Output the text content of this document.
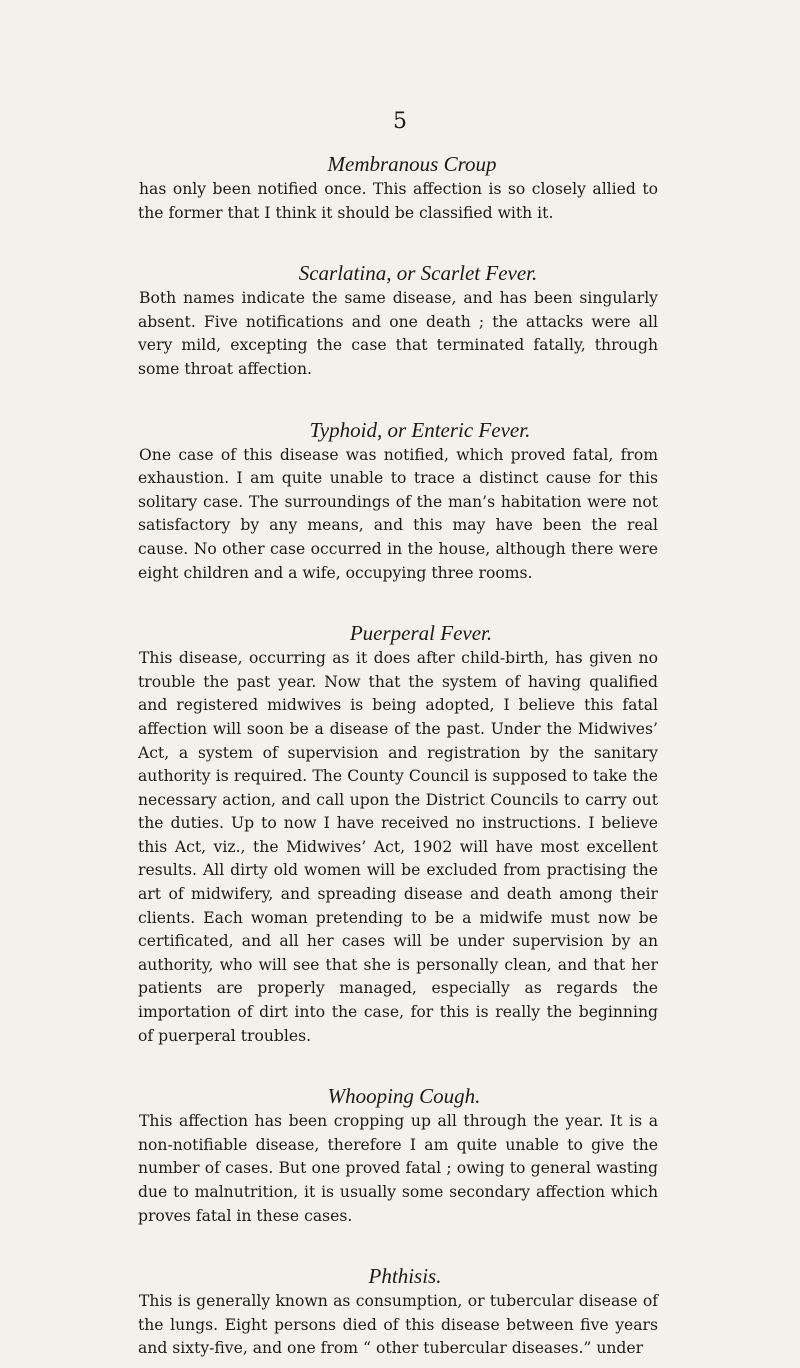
5

Membranous Croup

has only been notified once. This affection is so closely allied to the former that I think it should be classified with it.

Scarlatina, or Scarlet Fever.

Both names indicate the same disease, and has been singularly absent. Five notifications and one death ; the attacks were all very mild, excepting the case that terminated fatally, through some throat affection.

Typhoid, or Enteric Fever.

One case of this disease was notified, which proved fatal, from exhaustion. I am quite unable to trace a distinct cause for this solitary case. The surroundings of the man’s habitation were not satisfactory by any means, and this may have been the real cause. No other case occurred in the house, although there were eight children and a wife, occupying three rooms.

Puerperal Fever.

This disease, occurring as it does after child-birth, has given no trouble the past year. Now that the system of having qualified and registered midwives is being adopted, I believe this fatal affection will soon be a disease of the past. Under the Midwives’ Act, a system of supervision and registration by the sanitary authority is required. The County Council is supposed to take the necessary action, and call upon the District Councils to carry out the duties. Up to now I have received no instructions. I believe this Act, viz., the Midwives’ Act, 1902 will have most excellent results. All dirty old women will be excluded from practising the art of midwifery, and spreading disease and death among their clients. Each woman pretending to be a midwife must now be certificated, and all her cases will be under supervision by an authority, who will see that she is personally clean, and that her patients are properly managed, especially as regards the importation of dirt into the case, for this is really the beginning of puerperal troubles.

Whooping Cough.

This affection has been cropping up all through the year. It is a non-notifiable disease, therefore I am quite unable to give the number of cases. But one proved fatal ; owing to general wasting due to malnutrition, it is usually some secondary affection which proves fatal in these cases.

Phthisis.

This is generally known as consumption, or tubercular disease of the lungs. Eight persons died of this disease between five years and sixty-five, and one from “ other tubercular diseases.” under
